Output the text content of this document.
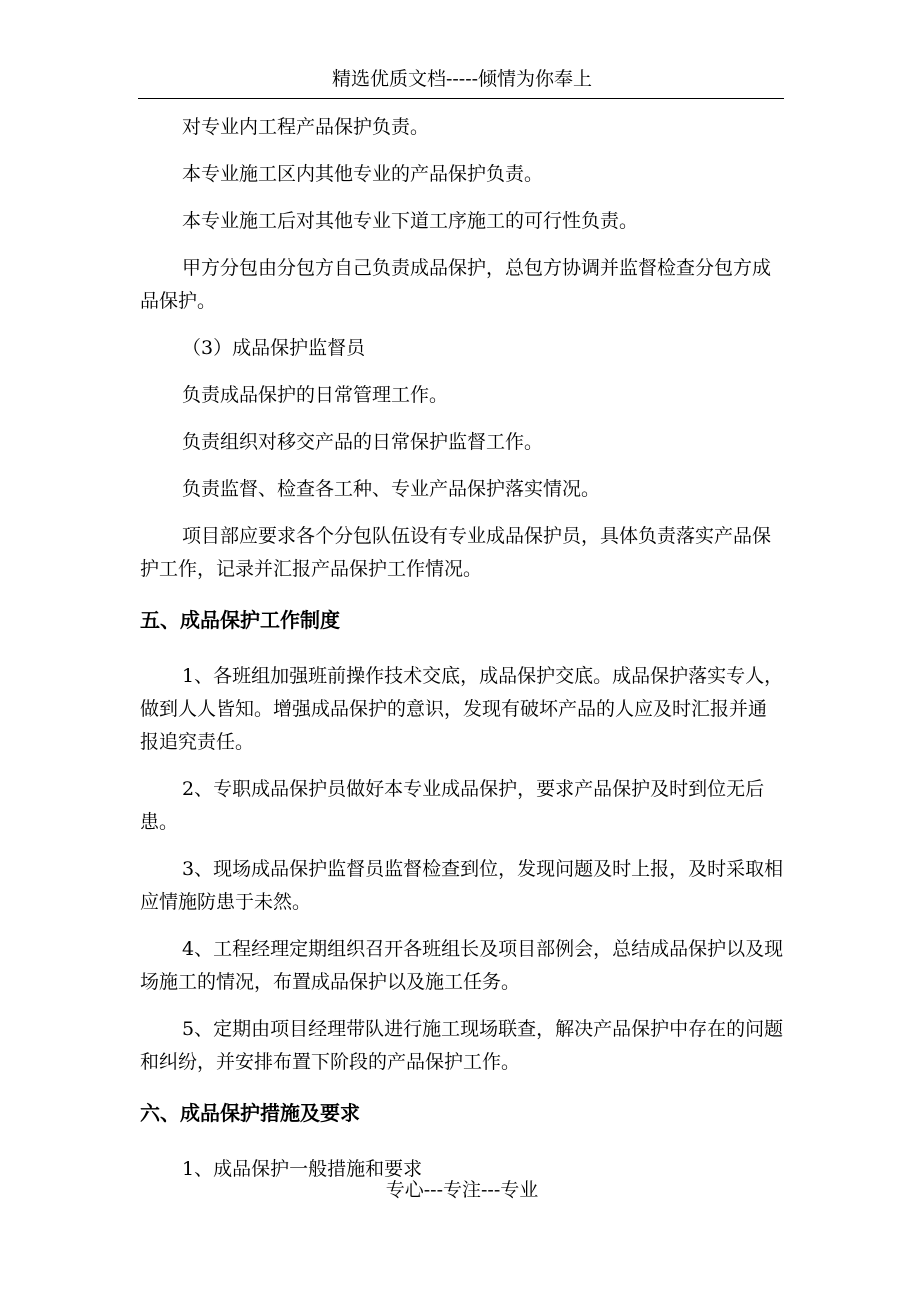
精选优质文档-----倾情为你奉上

对专业内工程产品保护负责。

本专业施工区内其他专业的产品保护负责。

本专业施工后对其他专业下道工序施工的可行性负责。

甲方分包由分包方自己负责成品保护，总包方协调并监督检查分包方成品保护。

（3）成品保护监督员

负责成品保护的日常管理工作。

负责组织对移交产品的日常保护监督工作。

负责监督、检查各工种、专业产品保护落实情况。

项目部应要求各个分包队伍设有专业成品保护员，具体负责落实产品保护工作，记录并汇报产品保护工作情况。

五、成品保护工作制度

1、各班组加强班前操作技术交底，成品保护交底。成品保护落实专人，做到人人皆知。增强成品保护的意识，发现有破坏产品的人应及时汇报并通报追究责任。

2、专职成品保护员做好本专业成品保护，要求产品保护及时到位无后患。

3、现场成品保护监督员监督检查到位，发现问题及时上报，及时采取相应情施防患于未然。

4、工程经理定期组织召开各班组长及项目部例会，总结成品保护以及现场施工的情况，布置成品保护以及施工任务。

5、定期由项目经理带队进行施工现场联查，解决产品保护中存在的问题和纠纷，并安排布置下阶段的产品保护工作。

六、成品保护措施及要求

1、成品保护一般措施和要求

专心---专注---专业
